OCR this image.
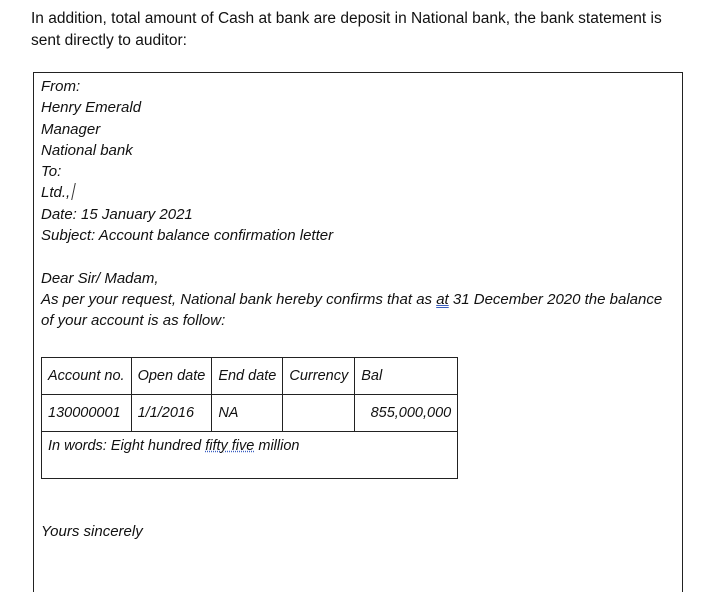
In addition, total amount of Cash at bank are deposit in National bank, the bank statement is sent directly to auditor:
From:
Henry Emerald
Manager
National bank
To:
Ltd.,
Date: 15 January 2021
Subject: Account balance confirmation letter
Dear Sir/ Madam,
As per your request, National bank hereby confirms that as at 31 December 2020 the balance of your account is as follow:
Account no.	Open date	End date	Currency	Bal
130000001	1/1/2016	NA		855,000,000
In words: Eight hundred fifty five million				
Yours sincerely
